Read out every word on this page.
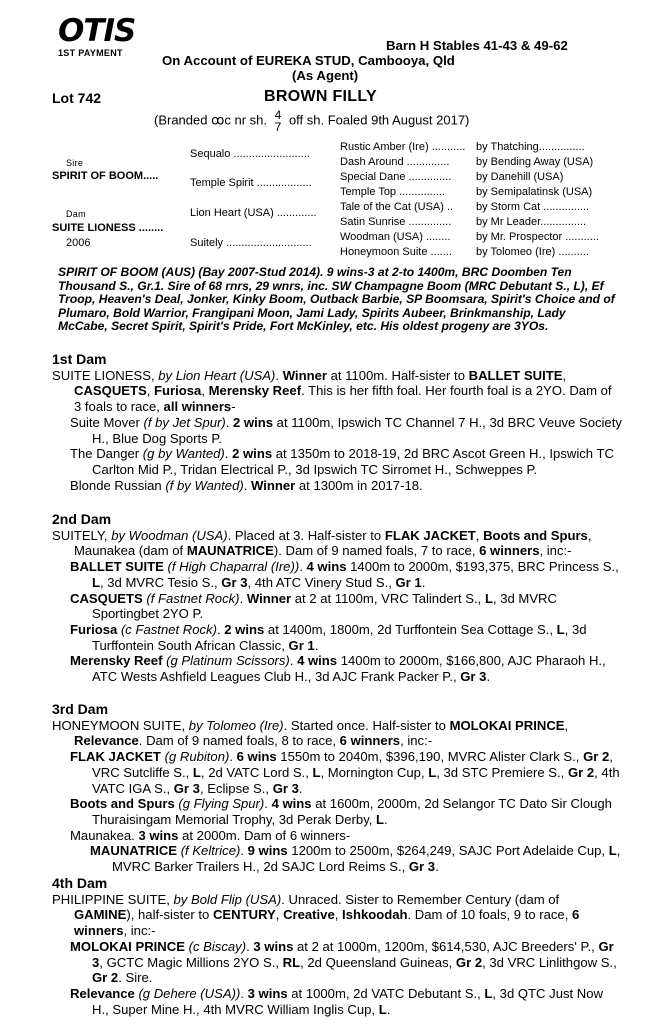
OTIS
1ST PAYMENT	Barn H Stables 41-43 & 49-62
On Account of EUREKA STUD, Cambooya, Qld
(As Agent)
Lot 742	BROWN FILLY
(Branded ꝏc nr sh. 4
7 off sh. Foaled 9th August 2017)
Sire
SPIRIT OF BOOM.....
Dam
SUITE LIONESS ........
2006
Sequalo .........................
Temple Spirit ..................
Lion Heart (USA) .............
Suitely ............................
Rustic Amber (Ire) ...........
Dash Around ..............
Special Dane ..............
Temple Top ...............
Tale of the Cat (USA) ..
Satin Sunrise ..............
Woodman (USA) ........
Honeymoon Suite .......
by Thatching...............
by Bending Away (USA)
by Danehill (USA)
by Semipalatinsk (USA)
by Storm Cat ...............
by Mr Leader...............
by Mr. Prospector ...........
by Tolomeo (Ire) ..........
SPIRIT OF BOOM (AUS) (Bay 2007-Stud 2014). 9 wins-3 at 2-to 1400m, BRC Doomben Ten Thousand S., Gr.1. Sire of 68 rnrs, 29 wnrs, inc. SW Champagne Boom (MRC Debutant S., L), Ef Troop, Heaven's Deal, Jonker, Kinky Boom, Outback Barbie, SP Boomsara, Spirit's Choice and of Plumaro, Bold Warrior, Frangipani Moon, Jami Lady, Spirits Aubeer, Brinkmanship, Lady McCabe, Secret Spirit, Spirit's Pride, Fort McKinley, etc. His oldest progeny are 3YOs.
1st Dam

SUITE LIONESS, by Lion Heart (USA). Winner at 1100m. Half-sister to BALLET SUITE, CASQUETS, Furiosa, Merensky Reef. This is her fifth foal. Her fourth foal is a 2YO. Dam of 3 foals to race, all winners-

Suite Mover (f by Jet Spur). 2 wins at 1100m, Ipswich TC Channel 7 H., 3d BRC Veuve Society H., Blue Dog Sports P.

The Danger (g by Wanted). 2 wins at 1350m to 2018-19, 2d BRC Ascot Green H., Ipswich TC Carlton Mid P., Tridan Electrical P., 3d Ipswich TC Sirromet H., Schweppes P.

Blonde Russian (f by Wanted). Winner at 1300m in 2017-18.

2nd Dam

SUITELY, by Woodman (USA). Placed at 3. Half-sister to FLAK JACKET, Boots and Spurs, Maunakea (dam of MAUNATRICE). Dam of 9 named foals, 7 to race, 6 winners, inc:-

BALLET SUITE (f High Chaparral (Ire)). 4 wins 1400m to 2000m, $193,375, BRC Princess S., L, 3d MVRC Tesio S., Gr 3, 4th ATC Vinery Stud S., Gr 1.

CASQUETS (f Fastnet Rock). Winner at 2 at 1100m, VRC Talindert S., L, 3d MVRC Sportingbet 2YO P.

Furiosa (c Fastnet Rock). 2 wins at 1400m, 1800m, 2d Turffontein Sea Cottage S., L, 3d Turffontein South African Classic, Gr 1.

Merensky Reef (g Platinum Scissors). 4 wins 1400m to 2000m, $166,800, AJC Pharaoh H., ATC Wests Ashfield Leagues Club H., 3d AJC Frank Packer P., Gr 3.

3rd Dam

HONEYMOON SUITE, by Tolomeo (Ire). Started once. Half-sister to MOLOKAI PRINCE, Relevance. Dam of 9 named foals, 8 to race, 6 winners, inc:-

FLAK JACKET (g Rubiton). 6 wins 1550m to 2040m, $396,190, MVRC Alister Clark S., Gr 2, VRC Sutcliffe S., L, 2d VATC Lord S., L, Mornington Cup, L, 3d STC Premiere S., Gr 2, 4th VATC IGA S., Gr 3, Eclipse S., Gr 3.

Boots and Spurs (g Flying Spur). 4 wins at 1600m, 2000m, 2d Selangor TC Dato Sir Clough Thuraisingam Memorial Trophy, 3d Perak Derby, L.

Maunakea. 3 wins at 2000m. Dam of 6 winners-

MAUNATRICE (f Keltrice). 9 wins 1200m to 2500m, $264,249, SAJC Port Adelaide Cup, L, MVRC Barker Trailers H., 2d SAJC Lord Reims S., Gr 3.

4th Dam

PHILIPPINE SUITE, by Bold Flip (USA). Unraced. Sister to Remember Century (dam of GAMINE), half-sister to CENTURY, Creative, Ishkoodah. Dam of 10 foals, 9 to race, 6 winners, inc:-

MOLOKAI PRINCE (c Biscay). 3 wins at 2 at 1000m, 1200m, $614,530, AJC Breeders' P., Gr 3, GCTC Magic Millions 2YO S., RL, 2d Queensland Guineas, Gr 2, 3d VRC Linlithgow S., Gr 2. Sire.

Relevance (g Dehere (USA)). 3 wins at 1000m, 2d VATC Debutant S., L, 3d QTC Just Now H., Super Mine H., 4th MVRC William Inglis Cup, L.
